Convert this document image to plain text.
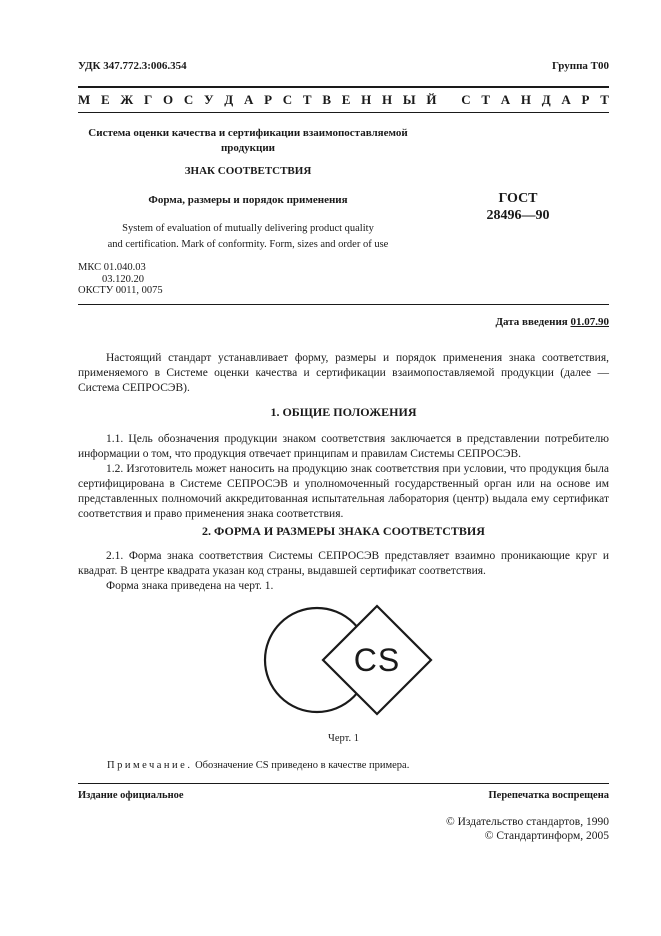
УДК 347.772.3:006.354	Группа Т00
М Е Ж Г О С У Д А Р С Т В Е Н Н Ы Й
С Т А Н Д А Р Т
Система оценки качества и сертификации взаимопоставляемой
продукции
ЗНАК СООТВЕТСТВИЯ
Форма, размеры и порядок применения	ГОСТ
28496—90
System of evaluation of mutually delivering product quality
and certification. Mark of conformity. Form, sizes and order of use
МКС 01.040.03
03.120.20
ОКСТУ 0011, 0075
Дата введения 01.07.90
Настоящий стандарт устанавливает форму, размеры и порядок применения знака соответствия, применяемого в Системе оценки качества и сертификации взаимопоставляемой продукции (далее — Система СЕПРОСЭВ).
1. ОБЩИЕ ПОЛОЖЕНИЯ
1.1. Цель обозначения продукции знаком соответствия заключается в представлении потребителю информации о том, что продукция отвечает принципам и правилам Системы СЕПРОСЭВ.
1.2. Изготовитель может наносить на продукцию знак соответствия при условии, что продукция была сертифицирована в Системе СЕПРОСЭВ и уполномоченный государственный орган или на основе им представленных полномочий аккредитованная испытательная лаборатория (центр) выдала ему сертификат соответствия и право применения знака соответствия.
2. ФОРМА И РАЗМЕРЫ ЗНАКА СООТВЕТСТВИЯ
2.1. Форма знака соответствия Системы СЕПРОСЭВ представляет взаимно проникающие круг и квадрат. В центре квадрата указан код страны, выдавшей сертификат соответствия.
Форма знака приведена на черт. 1.
CS
Черт. 1
Примечание. Обозначение CS приведено в качестве примера.
Издание официальное	Перепечатка воспрещена
© Издательство стандартов, 1990
© Стандартинформ, 2005
